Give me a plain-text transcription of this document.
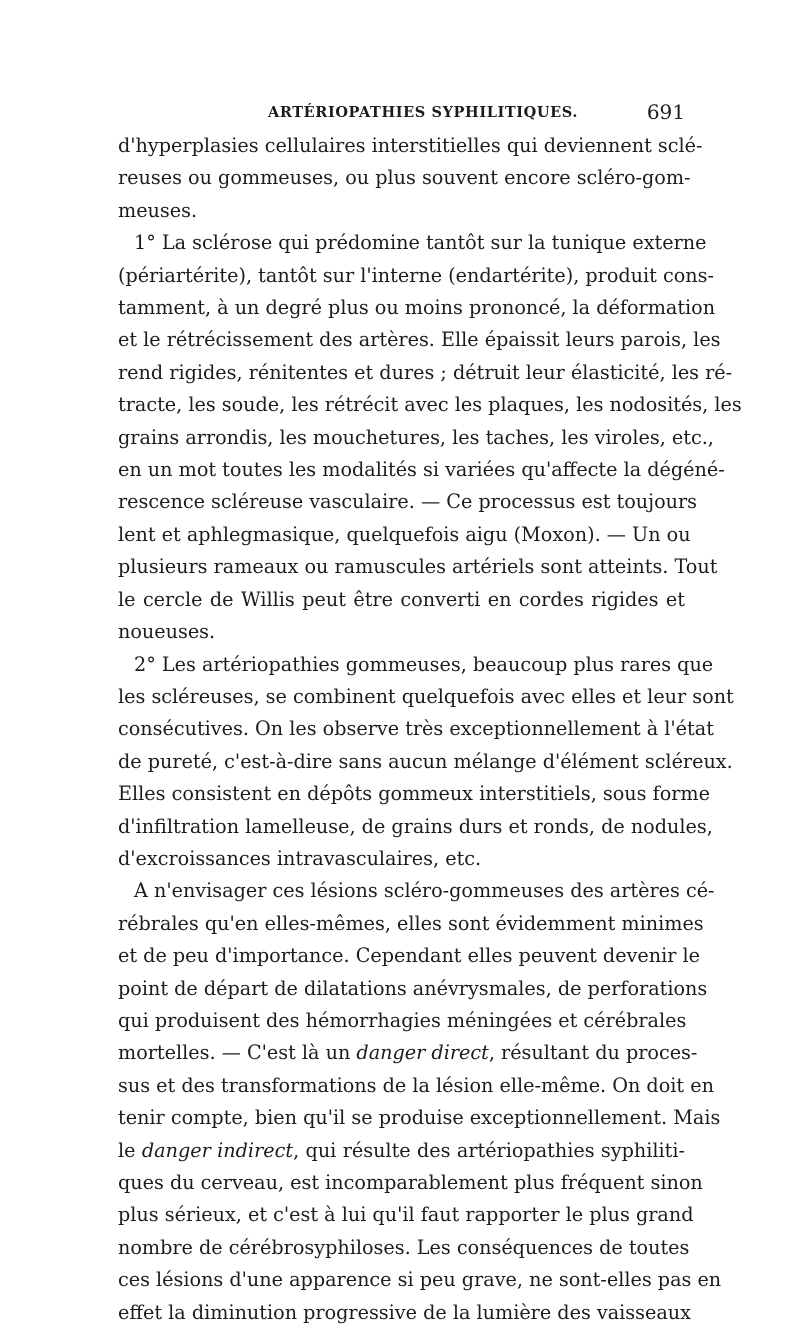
ARTÉRIOPATHIES SYPHILITIQUES.	691
d'hyperplasies cellulaires interstitielles qui deviennent sclé-
reuses ou gommeuses, ou plus souvent encore scléro-gom-
meuses.
1° La sclérose qui prédomine tantôt sur la tunique externe
(périartérite), tantôt sur l'interne (endartérite), produit cons-
tamment, à un degré plus ou moins prononcé, la déformation
et le rétrécissement des artères. Elle épaissit leurs parois, les
rend rigides, rénitentes et dures ; détruit leur élasticité, les ré-
tracte, les soude, les rétrécit avec les plaques, les nodosités, les
grains arrondis, les mouchetures, les taches, les viroles, etc.,
en un mot toutes les modalités si variées qu'affecte la dégéné-
rescence scléreuse vasculaire. — Ce processus est toujours
lent et aphlegmasique, quelquefois aigu (Moxon). — Un ou
plusieurs rameaux ou ramuscules artériels sont atteints. Tout
le cercle de Willis peut être converti en cordes rigides et
noueuses.
2° Les artériopathies gommeuses, beaucoup plus rares que
les scléreuses, se combinent quelquefois avec elles et leur sont
consécutives. On les observe très exceptionnellement à l'état
de pureté, c'est-à-dire sans aucun mélange d'élément scléreux.
Elles consistent en dépôts gommeux interstitiels, sous forme
d'infiltration lamelleuse, de grains durs et ronds, de nodules,
d'excroissances intravasculaires, etc.
A n'envisager ces lésions scléro-gommeuses des artères cé-
rébrales qu'en elles-mêmes, elles sont évidemment minimes
et de peu d'importance. Cependant elles peuvent devenir le
point de départ de dilatations anévrysmales, de perforations
qui produisent des hémorrhagies méningées et cérébrales
mortelles. — C'est là un danger direct, résultant du proces-
sus et des transformations de la lésion elle-même. On doit en
tenir compte, bien qu'il se produise exceptionnellement. Mais
le danger indirect, qui résulte des artériopathies syphiliti-
ques du cerveau, est incomparablement plus fréquent sinon
plus sérieux, et c'est à lui qu'il faut rapporter le plus grand
nombre de cérébrosyphiloses. Les conséquences de toutes
ces lésions d'une apparence si peu grave, ne sont-elles pas en
effet la diminution progressive de la lumière des vaisseaux
